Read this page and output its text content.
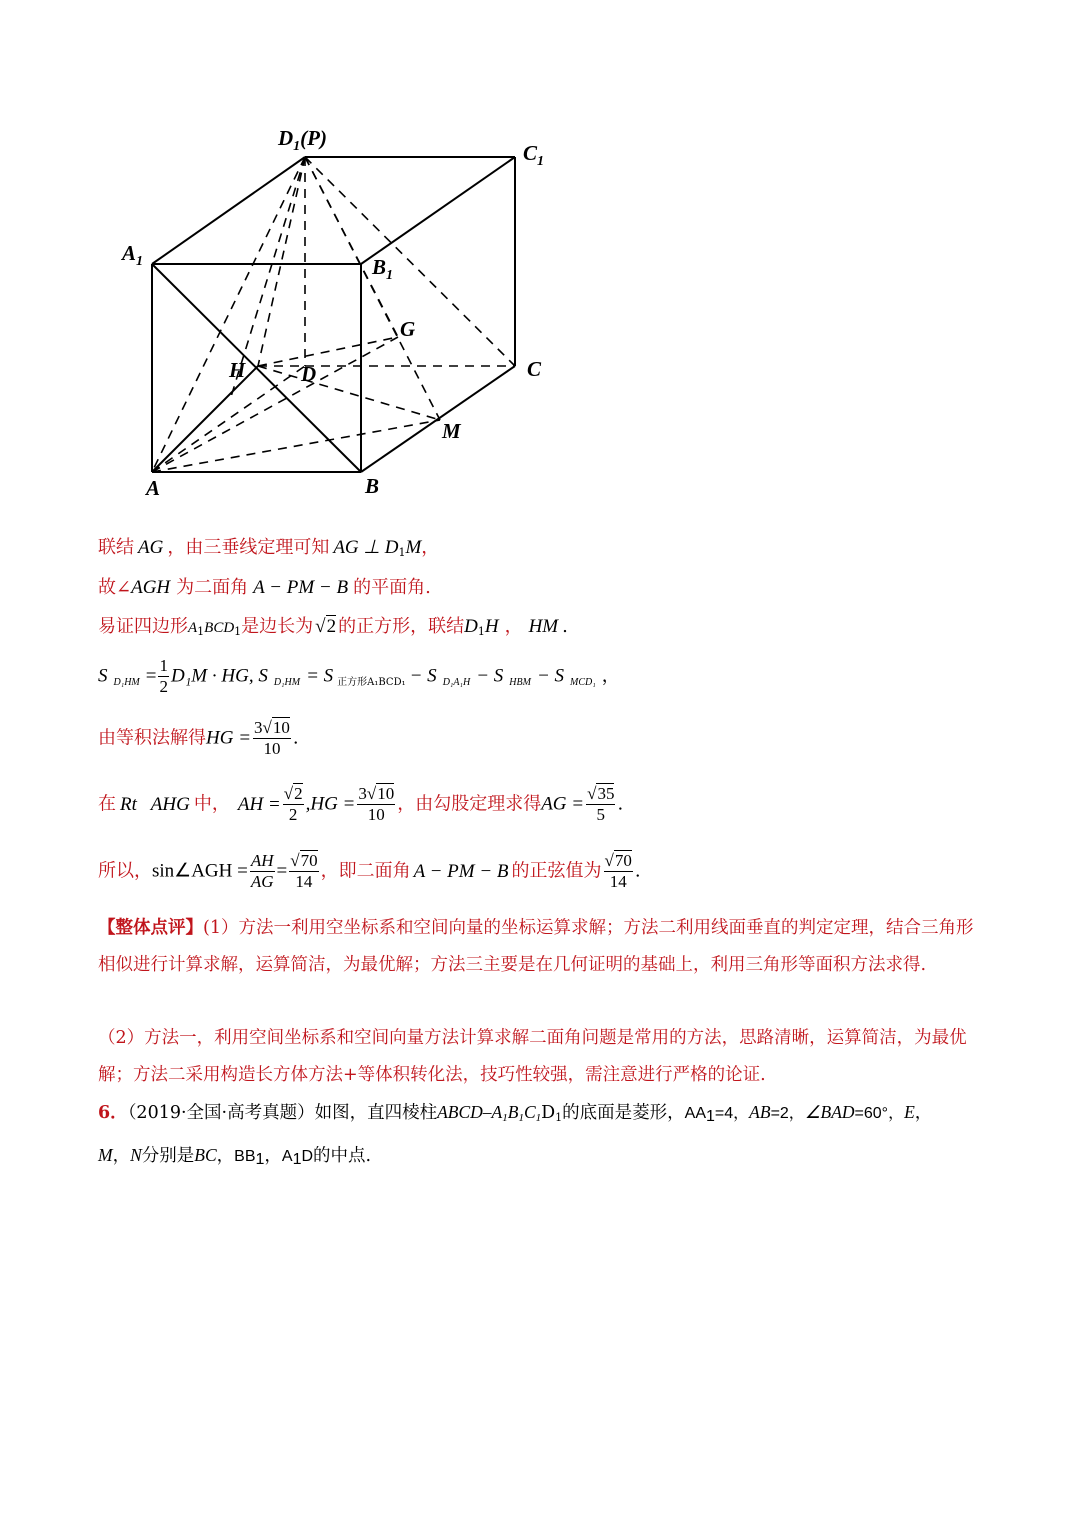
$D_1(P)$
$C_1$
$A_1$	$B_1$
G
H	D	C
M
A	B
联结 AG ，由三垂线定理可知 AG ⊥ $D_1M$，
故∠AGH 为二面角 A − PM − B 的平面角.
易证四边形$A_1BCD_1$是边长为 √2 的正方形，联结$D_1H$ ， HM .
S $_{D_1HM} = \frac{1}{2} D_1M$ · HG, S $_{D_1HM}$ = S $_{正方形A_1BCD_1}$ − S $_{D_1A_1H}$ − S $_{HBM}$ − S $_{MCD_1}$ ，
由等积法解得HG = $\frac{3√10}{10}$ .
在 Rt   AHG 中， AH = $\frac{√2}{2} ,HG = \frac{3√10}{10}$ ，由勾股定理求得AG = $\frac{√35}{5}$ .
所以，sin∠AGH = $\frac{AH}{AG} = \frac{√70}{14}$ ，即二面角 A − PM − B 的正弦值为 $\frac{√70}{14}$ .
【整体点评】(1）方法一利用空坐标系和空间向量的坐标运算求解；方法二利用线面垂直的判定定理，结合三角形相似进行计算求解，运算简洁，为最优解；方法三主要是在几何证明的基础上，利用三角形等面积方法求得.
（2）方法一，利用空间坐标系和空间向量方法计算求解二面角问题是常用的方法，思路清晰，运算简洁，为最优解；方法二采用构造长方体方法+等体积转化法，技巧性较强，需注意进行严格的论证.
6．（2019·全国·高考真题）如图，直四棱柱ABCD–$A_1B_1C_1D_1$的底面是菱形，$AA_1=4$，AB=2，∠BAD=60°，E，
M，N分别是BC，$BB_1$，$A_1D$的中点.
